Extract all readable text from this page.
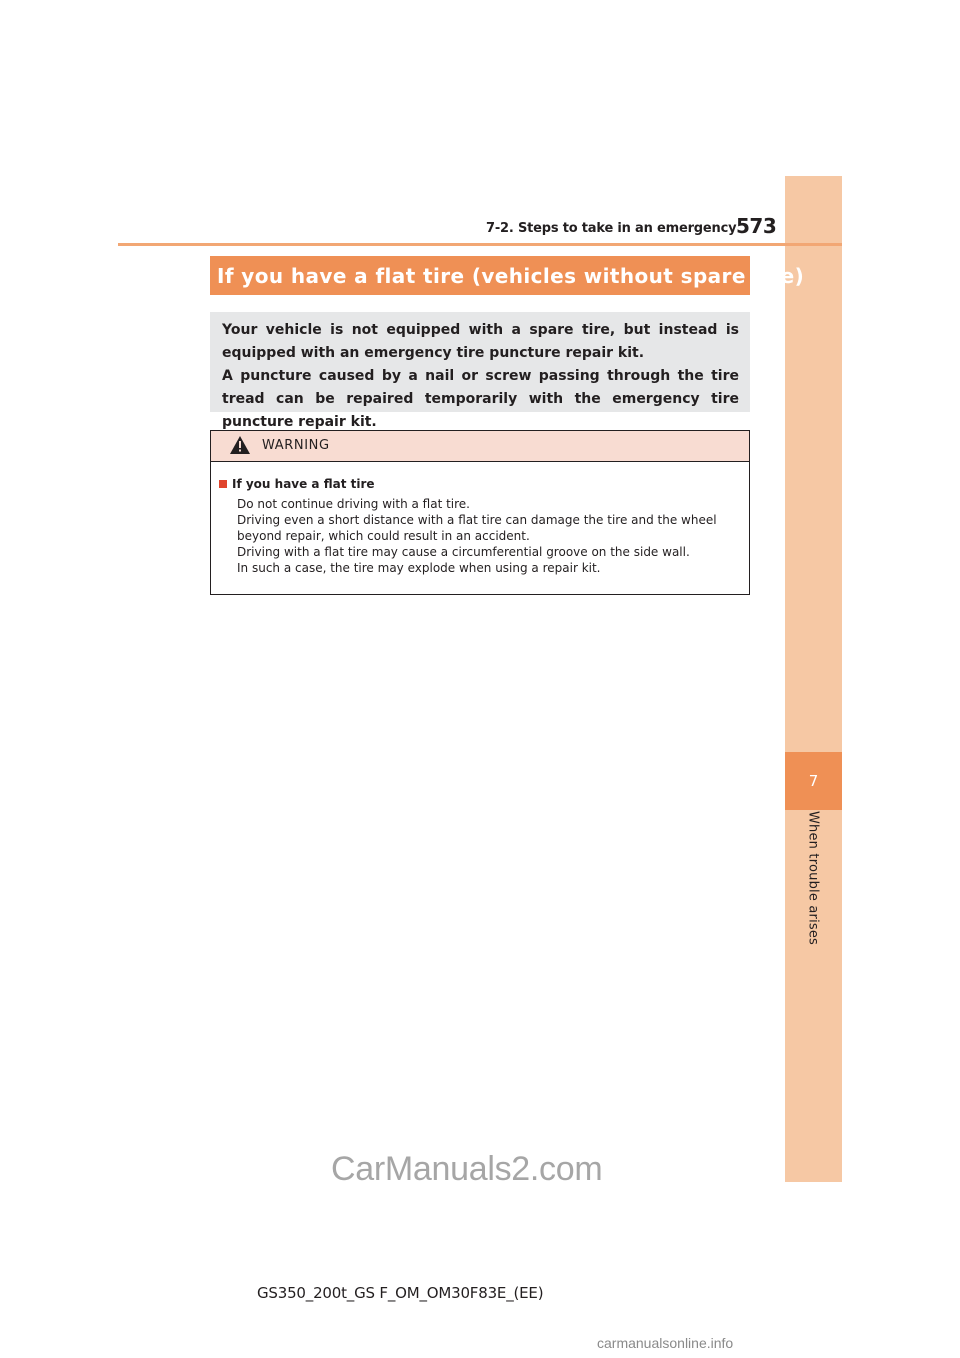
7
When trouble arises
7-2. Steps to take in an emergency 573
If you have a flat tire (vehicles without spare tire)

Your vehicle is not equipped with a spare tire, but instead is equipped with an emergency tire puncture repair kit.

A puncture caused by a nail or screw passing through the tire tread can be repaired temporarily with the emergency tire puncture repair kit.

WARNING
If you have a flat tire

Do not continue driving with a flat tire.

Driving even a short distance with a flat tire can damage the tire and the wheel beyond repair, which could result in an accident.

Driving with a flat tire may cause a circumferential groove on the side wall.

In such a case, the tire may explode when using a repair kit.

CarManuals2.com
GS350_200t_GS F_OM_OM30F83E_(EE)
carmanualsonline.info
